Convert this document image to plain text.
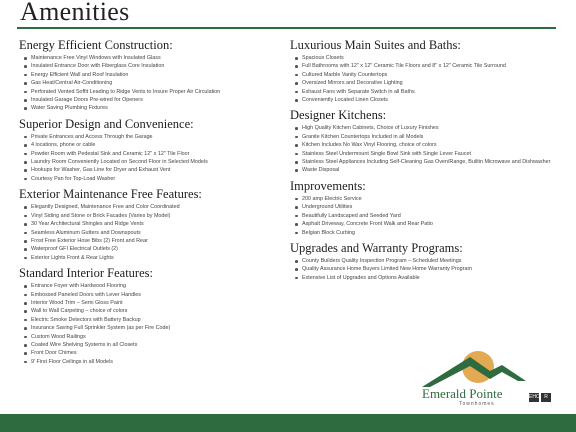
Amenities
Energy Efficient Construction:
Maintenance Free Vinyl Windows with Insulated Glass
Insulated Entrance Door with Fiberglass Core Insulation
Energy Efficient Wall and Roof Insulation
Gas Heat/Central Air-Conditioning
Perforated Vented Soffit Leading to Ridge Vents to Insure Proper Air Circulation
Insulated Garage Doors Pre-wired for Openers
Water Saving Plumbing Fixtures
Superior Design and Convenience:
Private Entrances and Access Through the Garage
4 locations, phone or cable
Powder Room with Pedestal Sink and Ceramic 12" x 12" Tile Floor
Laundry Room Conveniently Located on Second Floor in Selected Models
Hookups for Washer, Gas Line for Dryer and Exhaust Vent
Courtesy Pan for Top-Load Washer
Exterior Maintenance Free Features:
Elegantly Designed, Maintenance Free and Color Coordinated
Vinyl Siding and Stone or Brick Facades (Varies by Model)
30 Year Architectural Shingles and Ridge Vents
Seamless Aluminum Gutters and Downspouts
Frost Free Exterior Hose Bibs (2) Front and Rear
Waterproof GFI Electrical Outlets (2)
Exterior Lights Front & Rear Lights
Standard Interior Features:
Entrance Foyer with Hardwood Flooring
Embossed Paneled Doors with Lever Handles
Interior Wood Trim – Semi Gloss Paint
Wall to Wall Carpeting – choice of colors
Electric Smoke Detectors with Battery Backup
Insurance Saving Full Sprinkler System (as per Fire Code)
Custom Wood Railings
Coated Wire Shelving Systems in all Closets
Front Door Chimes
9' First Floor Ceilings in all Models
Luxurious Main Suites and Baths:
Spacious Closets
Full Bathrooms with 12" x 12" Ceramic Tile Floors and 8" x 12" Ceramic Tile Surround
Cultured Marble Vanity Countertops
Oversized Mirrors and Decorative Lighting
Exhaust Fans with Separate Switch in all Baths
Conveniently Located Linen Closets
Designer Kitchens:
High Quality Kitchen Cabinets, Choice of Luxury Finishes
Granite Kitchen Countertops Included in all Models
Kitchen Includes No Wax Vinyl Flooring, choice of colors
Stainless Steel Undermount Single Bowl Sink with Single Lever Faucet
Stainless Steel Appliances Including Self-Cleaning Gas Oven/Range, Builtin Microwave and Dishwasher
Waste Disposal
Improvements:
200 amp Electric Service
Underground Utilities
Beautifully Landscaped and Seeded Yard
Asphalt Driveway, Concrete Front Walk and Rear Patio
Belgian Block Curbing
Upgrades and Warranty Programs:
County Builders Quality Inspection Program – Scheduled Meetings
Quality Assurance Home Buyers Limited New Home Warranty Program
Extensive List of Upgrades and Options Available
Emerald Pointe
Townhomes
EHO R
